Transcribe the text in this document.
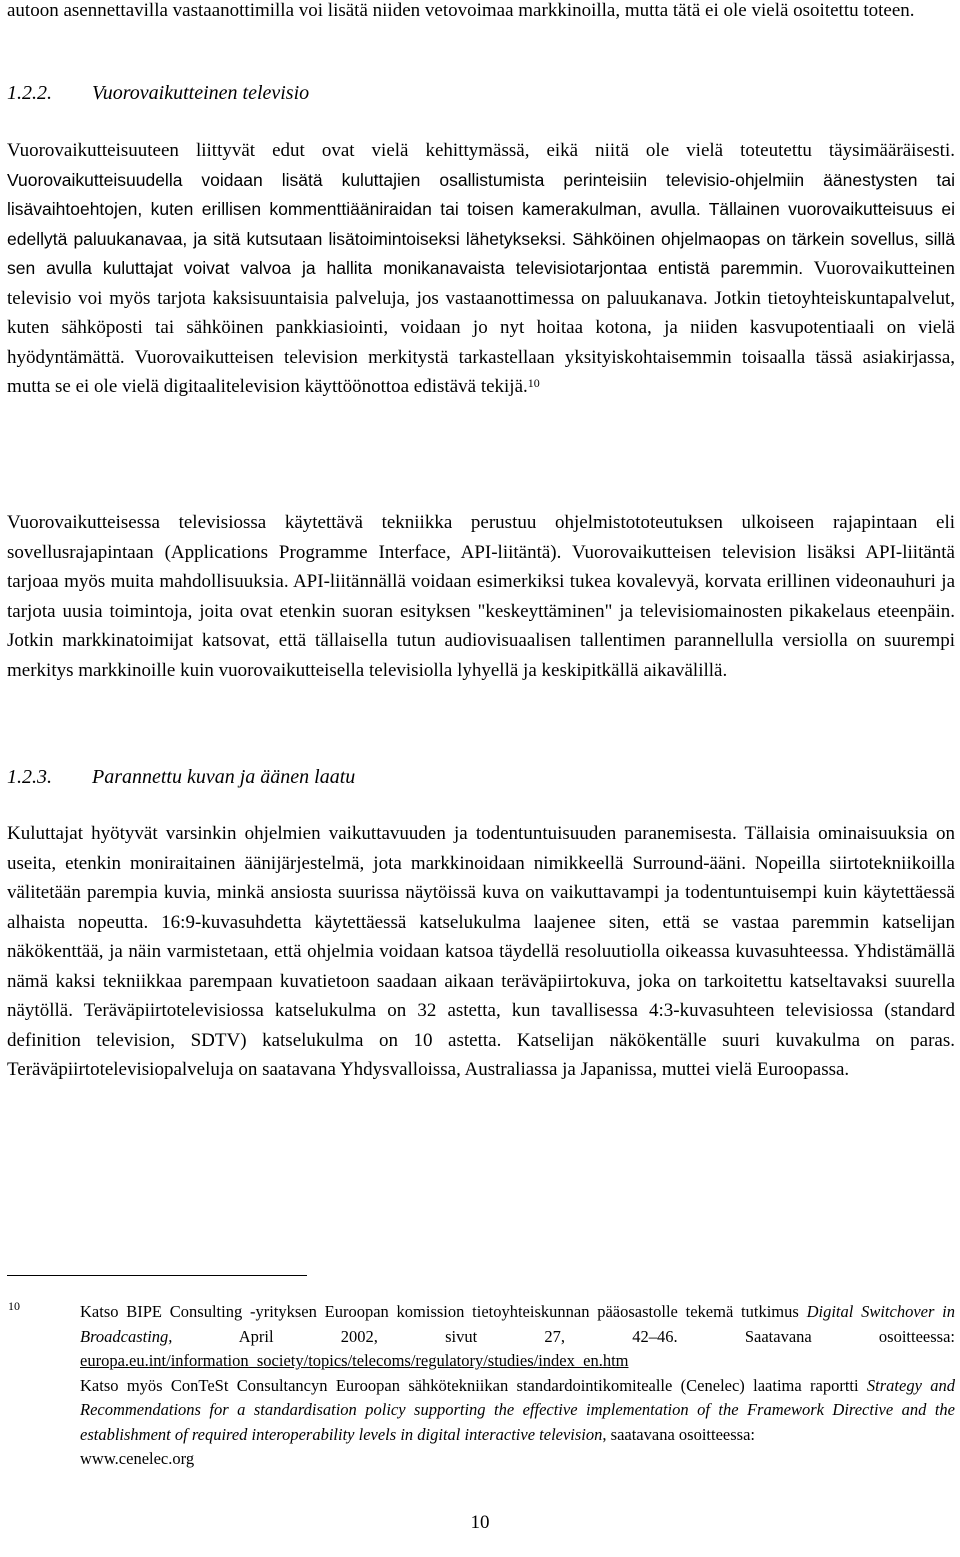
autoon asennettavilla vastaanottimilla voi lisätä niiden vetovoimaa markkinoilla, mutta tätä ei ole vielä osoitettu toteen.

1.2.2. Vuorovaikutteinen televisio
Vuorovaikutteisuuteen liittyvät edut ovat vielä kehittymässä, eikä niitä ole vielä toteutettu täysimääräisesti. Vuorovaikutteisuudella voidaan lisätä kuluttajien osallistumista perinteisiin televisio-ohjelmiin äänestysten tai lisävaihtoehtojen, kuten erillisen kommenttiääniraidan tai toisen kamerakulman, avulla. Tällainen vuorovaikutteisuus ei edellytä paluukanavaa, ja sitä kutsutaan lisätoimintoiseksi lähetykseksi. Sähköinen ohjelmaopas on tärkein sovellus, sillä sen avulla kuluttajat voivat valvoa ja hallita monikanavaista televisiotarjontaa entistä paremmin. Vuorovaikutteinen televisio voi myös tarjota kaksisuuntaisia palveluja, jos vastaanottimessa on paluukanava. Jotkin tietoyhteiskuntapalvelut, kuten sähköposti tai sähköinen pankkiasiointi, voidaan jo nyt hoitaa kotona, ja niiden kasvupotentiaali on vielä hyödyntämättä. Vuorovaikutteisen television merkitystä tarkastellaan yksityiskohtaisemmin toisaalla tässä asiakirjassa, mutta se ei ole vielä digitaalitelevision käyttöönottoa edistävä tekijä.$^{10}$

Vuorovaikutteisessa televisiossa käytettävä tekniikka perustuu ohjelmistototeutuksen ulkoiseen rajapintaan eli sovellusrajapintaan (Applications Programme Interface, API-liitäntä). Vuorovaikutteisen television lisäksi API-liitäntä tarjoaa myös muita mahdollisuuksia. API-liitännällä voidaan esimerkiksi tukea kovalevyä, korvata erillinen videonauhuri ja tarjota uusia toimintoja, joita ovat etenkin suoran esityksen "keskeyttäminen" ja televisiomainosten pikakelaus eteenpäin. Jotkin markkinatoimijat katsovat, että tällaisella tutun audiovisuaalisen tallentimen parannellulla versiolla on suurempi merkitys markkinoille kuin vuorovaikutteisella televisiolla lyhyellä ja keskipitkällä aikavälillä.

1.2.3. Parannettu kuvan ja äänen laatu

Kuluttajat hyötyvät varsinkin ohjelmien vaikuttavuuden ja todentuntuisuuden paranemisesta. Tällaisia ominaisuuksia on useita, etenkin moniraitainen äänijärjestelmä, jota markkinoidaan nimikkeellä Surround-ääni. Nopeilla siirtotekniikoilla välitetään parempia kuvia, minkä ansiosta suurissa näytöissä kuva on vaikuttavampi ja todentuntuisempi kuin käytettäessä alhaista nopeutta. 16:9-kuvasuhdetta käytettäessä katselukulma laajenee siten, että se vastaa paremmin katselijan näkökenttää, ja näin varmistetaan, että ohjelmia voidaan katsoa täydellä resoluutiolla oikeassa kuvasuhteessa. Yhdistämällä nämä kaksi tekniikkaa parempaan kuvatietoon saadaan aikaan teräväpiirtokuva, joka on tarkoitettu katseltavaksi suurella näytöllä. Teräväpiirtotelevisiossa katselukulma on 32 astetta, kun tavallisessa 4:3-kuvasuhteen televisiossa (standard definition television, SDTV) katselukulma on 10 astetta. Katselijan näkökentälle suuri kuvakulma on paras. Teräväpiirtotelevisiopalveluja on saatavana Yhdysvalloissa, Australiassa ja Japanissa, muttei vielä Euroopassa.

10	Katso BIPE Consulting -yrityksen Euroopan komission tietoyhteiskunnan pääosastolle tekemä tutkimus Digital Switchover in Broadcasting,	April 2002, sivut 27, 42–46. Saatavana osoitteessa: europa.eu.int/information_society/topics/telecoms/regulatory/studies/index_en.htm

Katso myös ConTeSt Consultancyn Euroopan sähkötekniikan standardointikomitealle (Cenelec) laatima raportti Strategy and Recommendations for a standardisation policy supporting the effective implementation of the Framework Directive and the establishment of required interoperability levels in digital interactive television, saatavana osoitteessa:
www.cenelec.org

10
